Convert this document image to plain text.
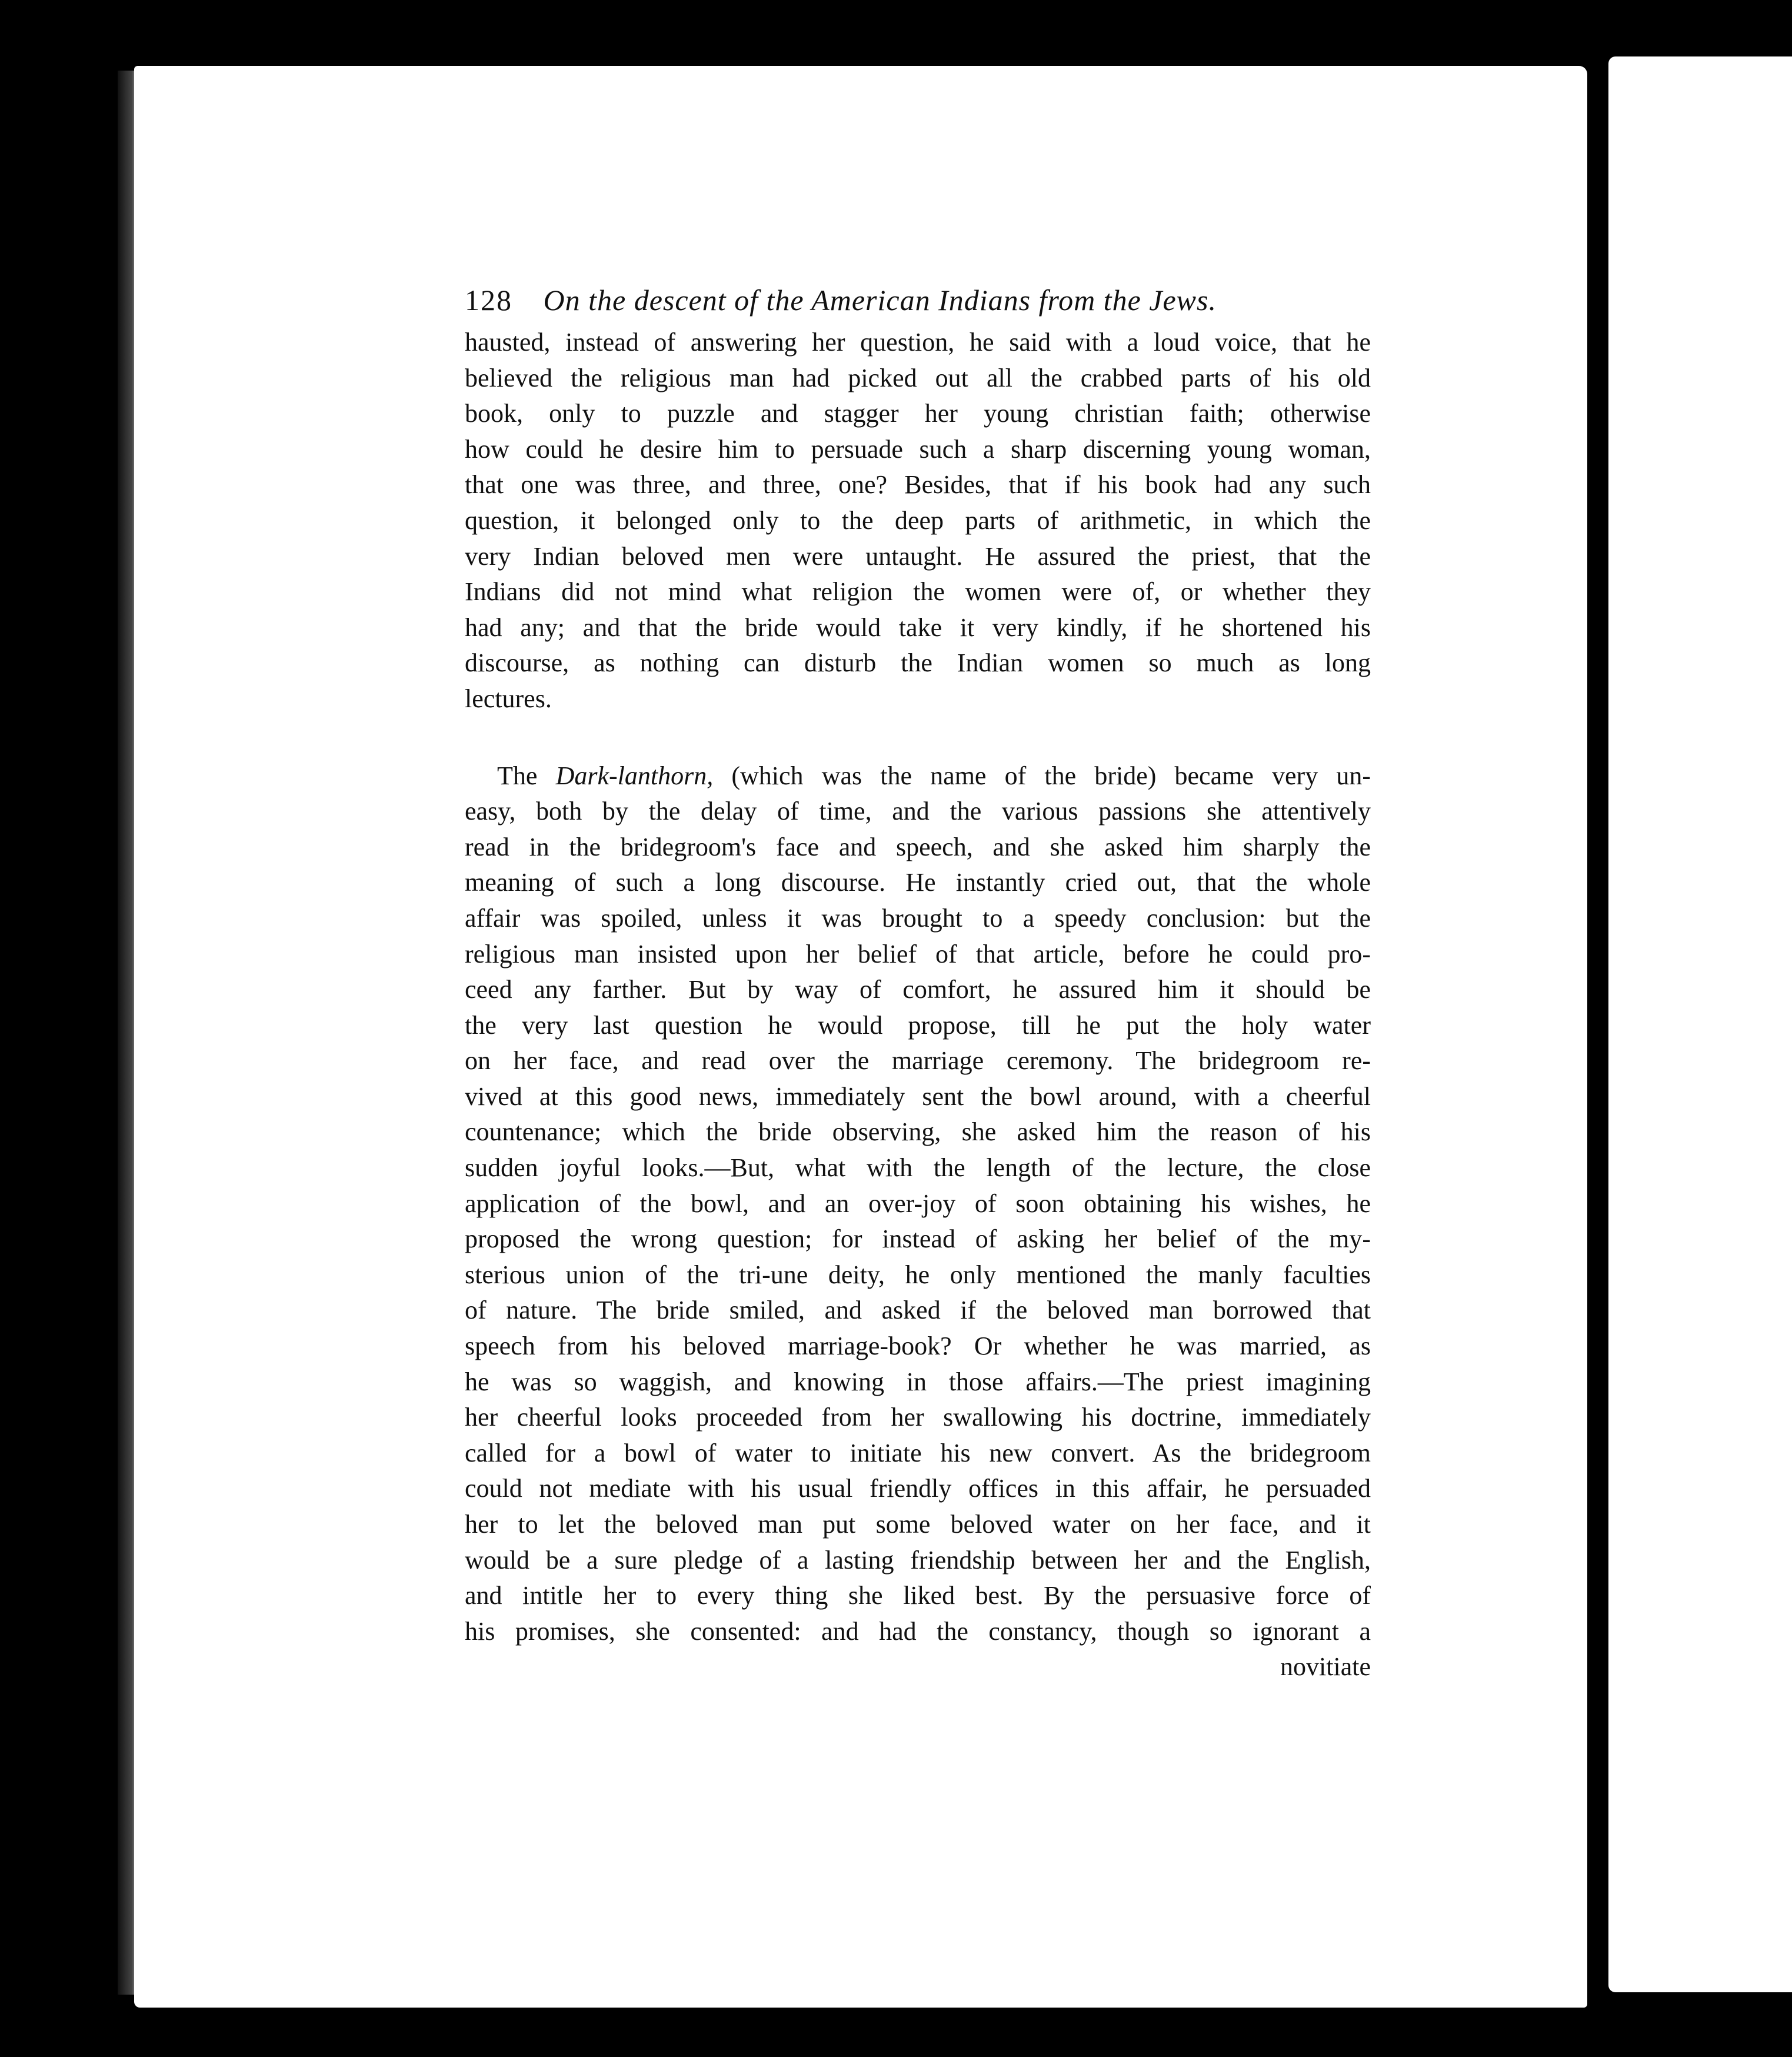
128 On the descent of the American Indians from the Jews.
hausted, instead of answering her question, he said with a loud voice, that he
believed the religious man had picked out all the crabbed parts of his old
book, only to puzzle and stagger her young christian faith; otherwise
how could he desire him to persuade such a sharp discerning young woman,
that one was three, and three, one? Besides, that if his book had any such
question, it belonged only to the deep parts of arithmetic, in which the
very Indian beloved men were untaught. He assured the priest, that the
Indians did not mind what religion the women were of, or whether they
had any; and that the bride would take it very kindly, if he shortened his
discourse, as nothing can disturb the Indian women so much as long
lectures.
The Dark-lanthorn, (which was the name of the bride) became very un-
easy, both by the delay of time, and the various passions she attentively
read in the bridegroom's face and speech, and she asked him sharply the
meaning of such a long discourse. He instantly cried out, that the whole
affair was spoiled, unless it was brought to a speedy conclusion: but the
religious man insisted upon her belief of that article, before he could pro-
ceed any farther. But by way of comfort, he assured him it should be
the very last question he would propose, till he put the holy water
on her face, and read over the marriage ceremony. The bridegroom re-
vived at this good news, immediately sent the bowl around, with a cheerful
countenance; which the bride observing, she asked him the reason of his
sudden joyful looks.—But, what with the length of the lecture, the close
application of the bowl, and an over-joy of soon obtaining his wishes, he
proposed the wrong question; for instead of asking her belief of the my-
sterious union of the tri-une deity, he only mentioned the manly faculties
of nature. The bride smiled, and asked if the beloved man borrowed that
speech from his beloved marriage-book? Or whether he was married, as
he was so waggish, and knowing in those affairs.—The priest imagining
her cheerful looks proceeded from her swallowing his doctrine, immediately
called for a bowl of water to initiate his new convert. As the bridegroom
could not mediate with his usual friendly offices in this affair, he persuaded
her to let the beloved man put some beloved water on her face, and it
would be a sure pledge of a lasting friendship between her and the English,
and intitle her to every thing she liked best. By the persuasive force of
his promises, she consented: and had the constancy, though so ignorant a
novitiate
